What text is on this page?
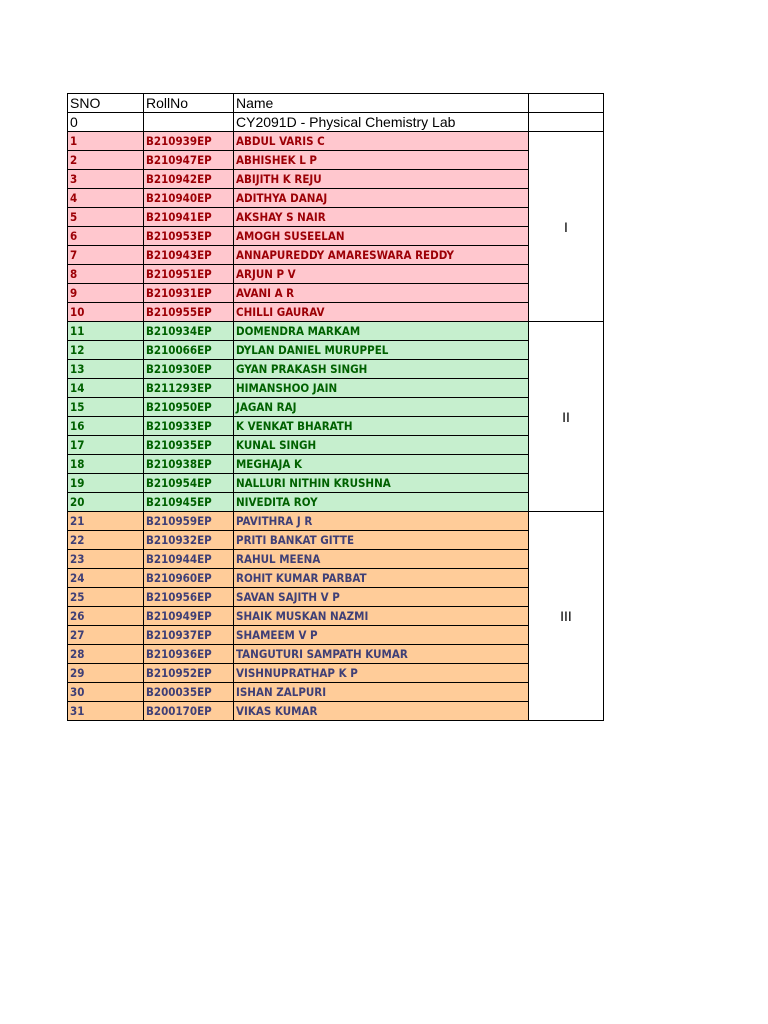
SNO	RollNo	Name	
0		CY2091D - Physical Chemistry Lab	
1	B210939EP	ABDUL VARIS C	I
2	B210947EP	ABHISHEK L P	
3	B210942EP	ABIJITH K REJU	
4	B210940EP	ADITHYA DANAJ	
5	B210941EP	AKSHAY S NAIR	
6	B210953EP	AMOGH SUSEELAN	
7	B210943EP	ANNAPUREDDY AMARESWARA REDDY	
8	B210951EP	ARJUN P V	
9	B210931EP	AVANI A R	
10	B210955EP	CHILLI GAURAV	
11	B210934EP	DOMENDRA MARKAM	II
12	B210066EP	DYLAN DANIEL MURUPPEL	
13	B210930EP	GYAN PRAKASH SINGH	
14	B211293EP	HIMANSHOO JAIN	
15	B210950EP	JAGAN RAJ	
16	B210933EP	K VENKAT BHARATH	
17	B210935EP	KUNAL SINGH	
18	B210938EP	MEGHAJA K	
19	B210954EP	NALLURI NITHIN KRUSHNA	
20	B210945EP	NIVEDITA ROY	
21	B210959EP	PAVITHRA J R	III
22	B210932EP	PRITI BANKAT GITTE	
23	B210944EP	RAHUL MEENA	
24	B210960EP	ROHIT KUMAR PARBAT	
25	B210956EP	SAVAN SAJITH V P	
26	B210949EP	SHAIK MUSKAN NAZMI	
27	B210937EP	SHAMEEM V P	
28	B210936EP	TANGUTURI SAMPATH KUMAR	
29	B210952EP	VISHNUPRATHAP K P	
30	B200035EP	ISHAN ZALPURI	
31	B200170EP	VIKAS KUMAR	
